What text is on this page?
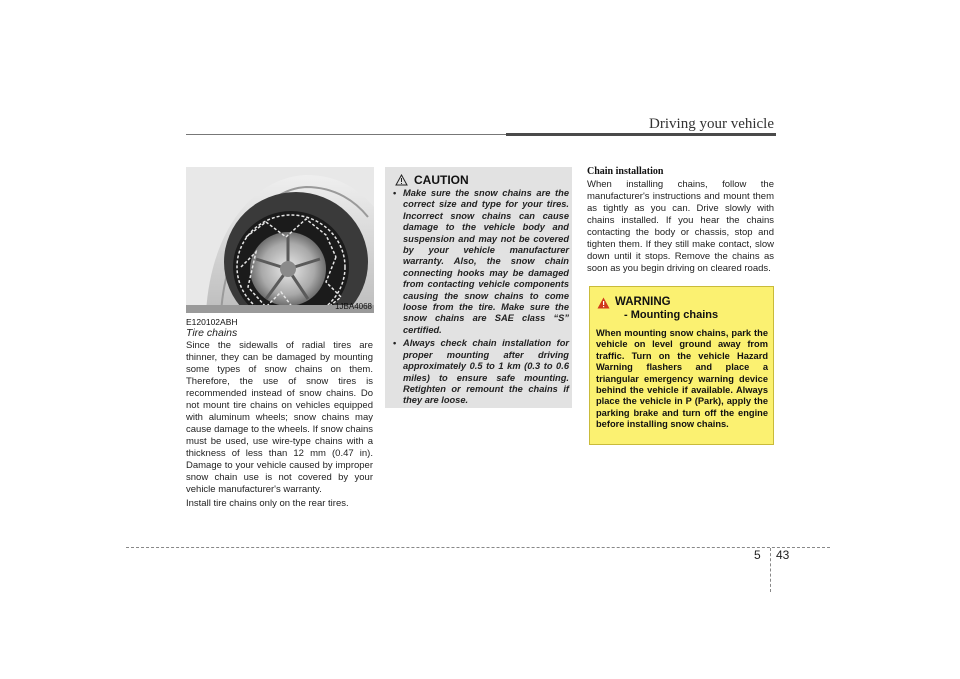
Driving your vehicle
1JBA4068
E120102ABH
Tire chains

Since the sidewalls of radial tires are thinner, they can be damaged by mounting some types of snow chains on them. Therefore, the use of snow tires is recommended instead of snow chains. Do not mount tire chains on vehicles equipped with aluminum wheels; snow chains may cause damage to the wheels. If snow chains must be used, use wire-type chains with a thickness of less than 12 mm (0.47 in). Damage to your vehicle caused by improper snow chain use is not covered by your vehicle manufacturer's warranty.

Install tire chains only on the rear tires.

CAUTION
• Make sure the snow chains are the correct size and type for your tires. Incorrect snow chains can cause damage to the vehicle body and suspension and may not be covered by your vehicle manufacturer warranty. Also, the snow chain connecting hooks may be damaged from contacting vehicle components causing the snow chains to come loose from the tire. Make sure the snow chains are SAE class “S” certified.
• Always check chain installation for proper mounting after driving approximately 0.5 to 1 km (0.3 to 0.6 miles) to ensure safe mounting. Retighten or remount the chains if they are loose.
Chain installation
When installing chains, follow the manufacturer's instructions and mount them as tightly as you can. Drive slowly with chains installed. If you hear the chains contacting the body or chassis, stop and tighten them. If they still make contact, slow down until it stops. Remove the chains as soon as you begin driving on cleared roads.
WARNING
- Mounting chains
When mounting snow chains, park the vehicle on level ground away from traffic. Turn on the vehicle Hazard Warning flashers and place a triangular emergency warning device behind the vehicle if available. Always place the vehicle in P (Park), apply the parking brake and turn off the engine before installing snow chains.
5 43
